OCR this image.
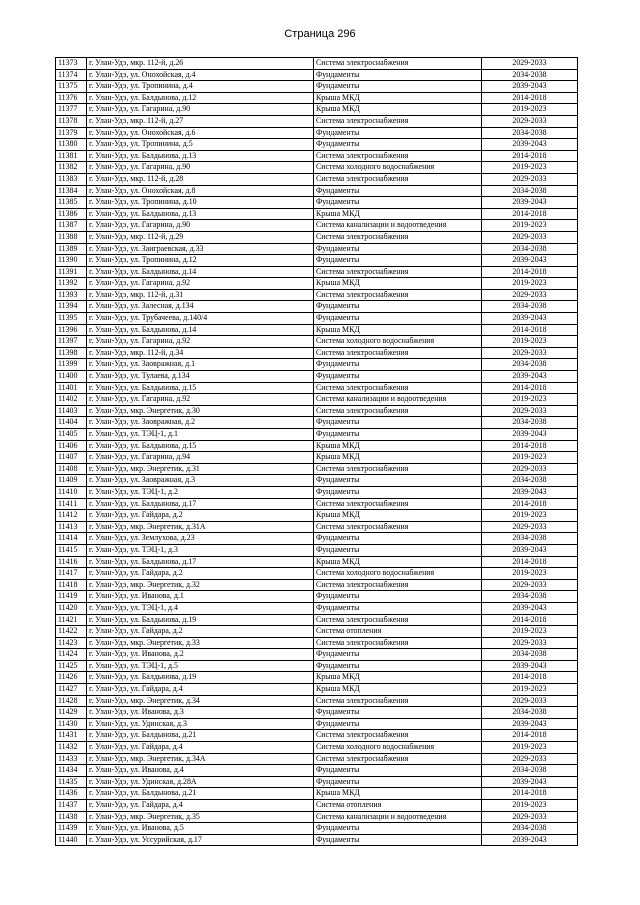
Страница 296
11373	г. Улан-Удэ, мкр. 112-й, д.26	Система электроснабжения	2029-2033
11374	г. Улан-Удэ, ул. Онохойская, д.4	Фундаменты	2034-2038
11375	г. Улан-Удэ, ул. Тропинина, д.4	Фундаменты	2039-2043
11376	г. Улан-Удэ, ул. Балдынова, д.12	Крыша МКД	2014-2018
11377	г. Улан-Удэ, ул. Гагарина, д.90	Крыша МКД	2019-2023
11378	г. Улан-Удэ, мкр. 112-й, д.27	Система электроснабжения	2029-2033
11379	г. Улан-Удэ, ул. Онохойская, д.6	Фундаменты	2034-2038
11380	г. Улан-Удэ, ул. Тропинина, д.5	Фундаменты	2039-2043
11381	г. Улан-Удэ, ул. Балдынова, д.13	Система электроснабжения	2014-2018
11382	г. Улан-Удэ, ул. Гагарина, д.90	Система холодного водоснабжения	2019-2023
11383	г. Улан-Удэ, мкр. 112-й, д.28	Система электроснабжения	2029-2033
11384	г. Улан-Удэ, ул. Онохойская, д.8	Фундаменты	2034-2038
11385	г. Улан-Удэ, ул. Тропинина, д.10	Фундаменты	2039-2043
11386	г. Улан-Удэ, ул. Балдынова, д.13	Крыша МКД	2014-2018
11387	г. Улан-Удэ, ул. Гагарина, д.90	Система канализации и водоотведения	2019-2023
11388	г. Улан-Удэ, мкр. 112-й, д.29	Система электроснабжения	2029-2033
11389	г. Улан-Удэ, ул. Заиграевская, д.33	Фундаменты	2034-2038
11390	г. Улан-Удэ, ул. Тропинина, д.12	Фундаменты	2039-2043
11391	г. Улан-Удэ, ул. Балдынова, д.14	Система электроснабжения	2014-2018
11392	г. Улан-Удэ, ул. Гагарина, д.92	Крыша МКД	2019-2023
11393	г. Улан-Удэ, мкр. 112-й, д.31	Система электроснабжения	2029-2033
11394	г. Улан-Удэ, ул. Залесная, д.134	Фундаменты	2034-2038
11395	г. Улан-Удэ, ул. Трубачеева, д.140/4	Фундаменты	2039-2043
11396	г. Улан-Удэ, ул. Балдынова, д.14	Крыша МКД	2014-2018
11397	г. Улан-Удэ, ул. Гагарина, д.92	Система холодного водоснабжения	2019-2023
11398	г. Улан-Удэ, мкр. 112-й, д.34	Система электроснабжения	2029-2033
11399	г. Улан-Удэ, ул. Заовражная, д.1	Фундаменты	2034-2038
11400	г. Улан-Удэ, ул. Тулаева, д.134	Фундаменты	2039-2043
11401	г. Улан-Удэ, ул. Балдынова, д.15	Система электроснабжения	2014-2018
11402	г. Улан-Удэ, ул. Гагарина, д.92	Система канализации и водоотведения	2019-2023
11403	г. Улан-Удэ, мкр. Энергетик, д.30	Система электроснабжения	2029-2033
11404	г. Улан-Удэ, ул. Заовражная, д.2	Фундаменты	2034-2038
11405	г. Улан-Удэ, ул. ТЭЦ-1, д.1	Фундаменты	2039-2043
11406	г. Улан-Удэ, ул. Балдынова, д.15	Крыша МКД	2014-2018
11407	г. Улан-Удэ, ул. Гагарина, д.94	Крыша МКД	2019-2023
11408	г. Улан-Удэ, мкр. Энергетик, д.31	Система электроснабжения	2029-2033
11409	г. Улан-Удэ, ул. Заовражная, д.3	Фундаменты	2034-2038
11410	г. Улан-Удэ, ул. ТЭЦ-1, д.2	Фундаменты	2039-2043
11411	г. Улан-Удэ, ул. Балдынова, д.17	Система электроснабжения	2014-2018
11412	г. Улан-Удэ, ул. Гайдара, д.2	Крыша МКД	2019-2023
11413	г. Улан-Удэ, мкр. Энергетик, д.31А	Система электроснабжения	2029-2033
11414	г. Улан-Удэ, ул. Землухова, д.23	Фундаменты	2034-2038
11415	г. Улан-Удэ, ул. ТЭЦ-1, д.3	Фундаменты	2039-2043
11416	г. Улан-Удэ, ул. Балдынова, д.17	Крыша МКД	2014-2018
11417	г. Улан-Удэ, ул. Гайдара, д.2	Система холодного водоснабжения	2019-2023
11418	г. Улан-Удэ, мкр. Энергетик, д.32	Система электроснабжения	2029-2033
11419	г. Улан-Удэ, ул. Иванова, д.1	Фундаменты	2034-2038
11420	г. Улан-Удэ, ул. ТЭЦ-1, д.4	Фундаменты	2039-2043
11421	г. Улан-Удэ, ул. Балдынова, д.19	Система электроснабжения	2014-2018
11422	г. Улан-Удэ, ул. Гайдара, д.2	Система отопления	2019-2023
11423	г. Улан-Удэ, мкр. Энергетик, д.33	Система электроснабжения	2029-2033
11424	г. Улан-Удэ, ул. Иванова, д.2	Фундаменты	2034-2038
11425	г. Улан-Удэ, ул. ТЭЦ-1, д.5	Фундаменты	2039-2043
11426	г. Улан-Удэ, ул. Балдынова, д.19	Крыша МКД	2014-2018
11427	г. Улан-Удэ, ул. Гайдара, д.4	Крыша МКД	2019-2023
11428	г. Улан-Удэ, мкр. Энергетик, д.34	Система электроснабжения	2029-2033
11429	г. Улан-Удэ, ул. Иванова, д.3	Фундаменты	2034-2038
11430	г. Улан-Удэ, ул. Удинская, д.3	Фундаменты	2039-2043
11431	г. Улан-Удэ, ул. Балдынова, д.21	Система электроснабжения	2014-2018
11432	г. Улан-Удэ, ул. Гайдара, д.4	Система холодного водоснабжения	2019-2023
11433	г. Улан-Удэ, мкр. Энергетик, д.34А	Система электроснабжения	2029-2033
11434	г. Улан-Удэ, ул. Иванова, д.4	Фундаменты	2034-2038
11435	г. Улан-Удэ, ул. Удинская, д.28А	Фундаменты	2039-2043
11436	г. Улан-Удэ, ул. Балдынова, д.21	Крыша МКД	2014-2018
11437	г. Улан-Удэ, ул. Гайдара, д.4	Система отопления	2019-2023
11438	г. Улан-Удэ, мкр. Энергетик, д.35	Система канализации и водоотведения	2029-2033
11439	г. Улан-Удэ, ул. Иванова, д.5	Фундаменты	2034-2038
11440	г. Улан-Удэ, ул. Уссурийская, д.17	Фундаменты	2039-2043
